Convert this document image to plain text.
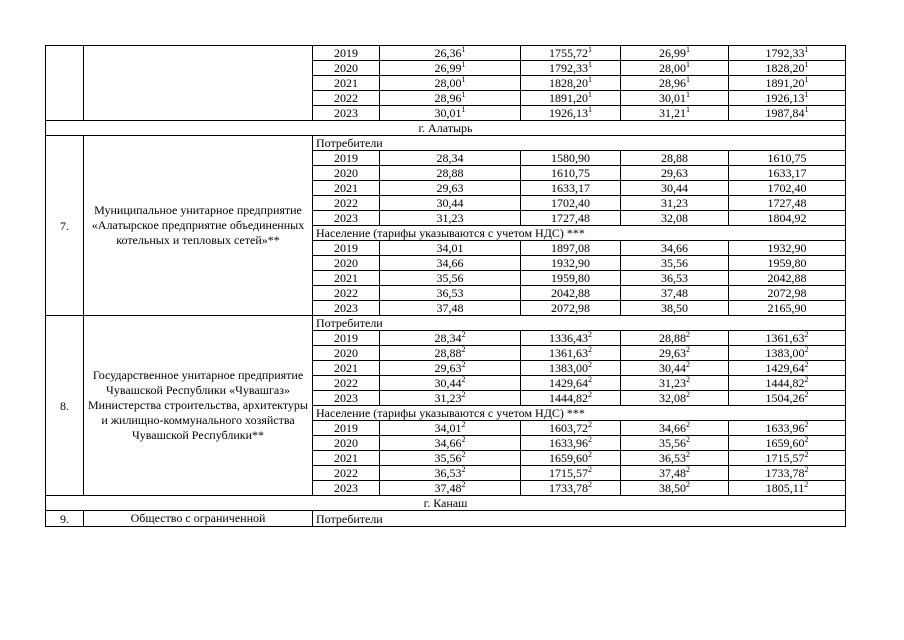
		2019	26,36$^1$	1755,72$^1$	26,99$^1$	1792,33$^1$
		2020	26,99$^1$	1792,33$^1$	28,00$^1$	1828,20$^1$
		2021	28,00$^1$	1828,20$^1$	28,96$^1$	1891,20$^1$
		2022	28,96$^1$	1891,20$^1$	30,01$^1$	1926,13$^1$
		2023	30,01$^1$	1926,13$^1$	31,21$^1$	1987,84$^1$
г. Алатырь						
7.	Муниципальное унитарное предприятие «Алатырское предприятие объединенных котельных и тепловых сетей»**	Потребители				
		2019	28,34	1580,90	28,88	1610,75
		2020	28,88	1610,75	29,63	1633,17
		2021	29,63	1633,17	30,44	1702,40
		2022	30,44	1702,40	31,23	1727,48
		2023	31,23	1727,48	32,08	1804,92
		Население (тарифы указываются с учетом НДС) ***				
		2019	34,01	1897,08	34,66	1932,90
		2020	34,66	1932,90	35,56	1959,80
		2021	35,56	1959,80	36,53	2042,88
		2022	36,53	2042,88	37,48	2072,98
		2023	37,48	2072,98	38,50	2165,90
8.	Государственное унитарное предприятие Чувашской Республики «Чувашгаз» Министерства строительства, архитектуры и жилищно-коммунального хозяйства Чувашской Республики**	Потребители				
		2019	28,34$^2$	1336,43$^2$	28,88$^2$	1361,63$^2$
		2020	28,88$^2$	1361,63$^2$	29,63$^2$	1383,00$^2$
		2021	29,63$^2$	1383,00$^2$	30,44$^2$	1429,64$^2$
		2022	30,44$^2$	1429,64$^2$	31,23$^2$	1444,82$^2$
		2023	31,23$^2$	1444,82$^2$	32,08$^2$	1504,26$^2$
		Население (тарифы указываются с учетом НДС) ***				
		2019	34,01$^2$	1603,72$^2$	34,66$^2$	1633,96$^2$
		2020	34,66$^2$	1633,96$^2$	35,56$^2$	1659,60$^2$
		2021	35,56$^2$	1659,60$^2$	36,53$^2$	1715,57$^2$
		2022	36,53$^2$	1715,57$^2$	37,48$^2$	1733,78$^2$
		2023	37,48$^2$	1733,78$^2$	38,50$^2$	1805,11$^2$
г. Канаш						
9.	Общество с ограниченной	Потребители				
